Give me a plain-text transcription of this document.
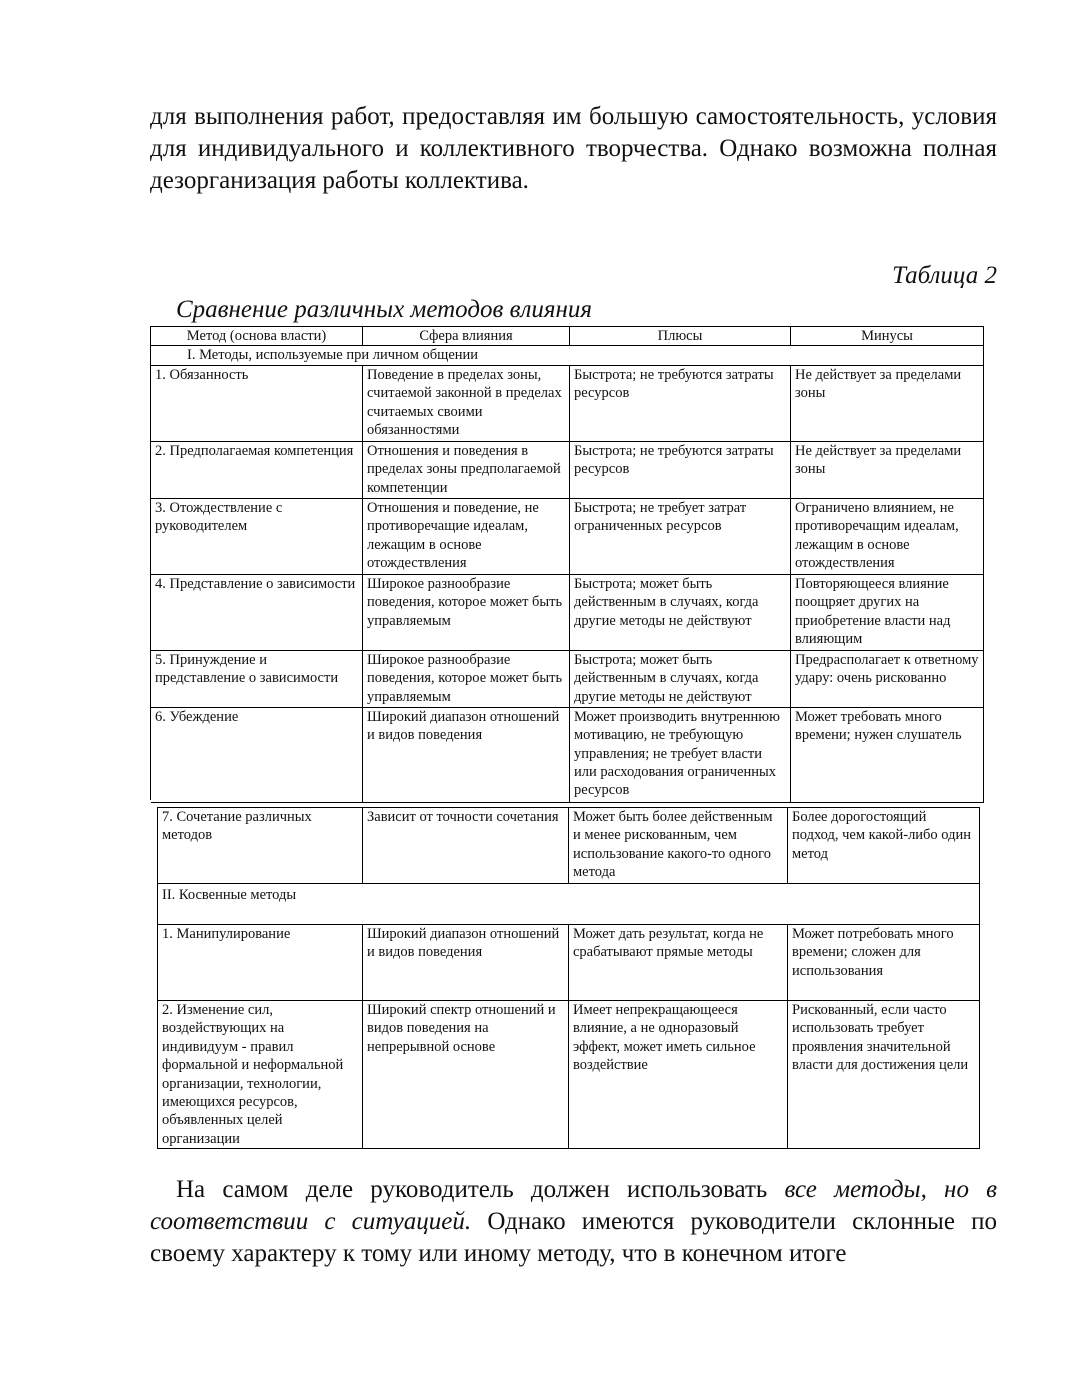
для выполнения работ, предоставляя им большую самостоятельность, условия для индивидуального и коллективного творчества. Однако возможна полная дезорганизация работы коллектива.

Таблица 2

Сравнение различных методов влияния

Метод (основа власти)	Сфера влияния	Плюсы	Минусы
I. Методы, используемые при личном общении			
1. Обязанность	Поведение в пределах зоны, считаемой законной в пределах считаемых своими обязанностями	Быстрота; не требуются затраты ресурсов	Не действует за пределами зоны
2. Предполагаемая компетенция	Отношения и поведения в пределах зоны предполагаемой компетенции	Быстрота; не требуются затраты ресурсов	Не действует за пределами зоны
3. Отождествление с руководителем	Отношения и поведение, не противоречащие идеалам, лежащим в основе отождествления	Быстрота; не требует затрат ограниченных ресурсов	Ограничено влиянием, не противоречащим идеалам, лежащим в основе отождествления
4. Представление о зависимости	Широкое разнообразие поведения, которое может быть управляемым	Быстрота; может быть действенным в случаях, когда другие методы не действуют	Повторяющееся влияние поощряет других на приобретение власти над влияющим
5. Принуждение и представление о зависимости	Широкое разнообразие поведения, которое может быть управляемым	Быстрота; может быть действенным в случаях, когда другие методы не действуют	Предрасполагает к ответному удару: очень рискованно
6. Убеждение	Широкий диапазон отношений и видов поведения	Может производить внутреннюю мотивацию, не требующую управления; не требует власти или расходования ограниченных ресурсов	Может требовать много времени; нужен слушатель
7. Сочетание различных методов	Зависит от точности сочетания	Может быть более действенным и менее рискованным, чем использование какого-то одного метода	Более дорогостоящий подход, чем какой-либо один метод
II. Косвенные методы			
1. Манипулирование	Широкий диапазон отношений и видов поведения	Может дать результат, когда не срабатывают прямые методы	Может потребовать много времени; сложен для использования
2. Изменение сил, воздействующих на индивидуум - правил формальной и неформальной организации, технологии, имеющихся ресурсов, объявленных целей организации	Широкий спектр отношений и видов поведения на непрерывной основе	Имеет непрекращающееся влияние, а не одноразовый эффект, может иметь сильное воздействие	Рискованный, если часто использовать требует проявления значительной власти для достижения цели

На самом деле руководитель должен использовать все методы, но в соответствии с ситуацией. Однако имеются руководители склонные по своему характеру к тому или иному методу, что в конечном итоге
